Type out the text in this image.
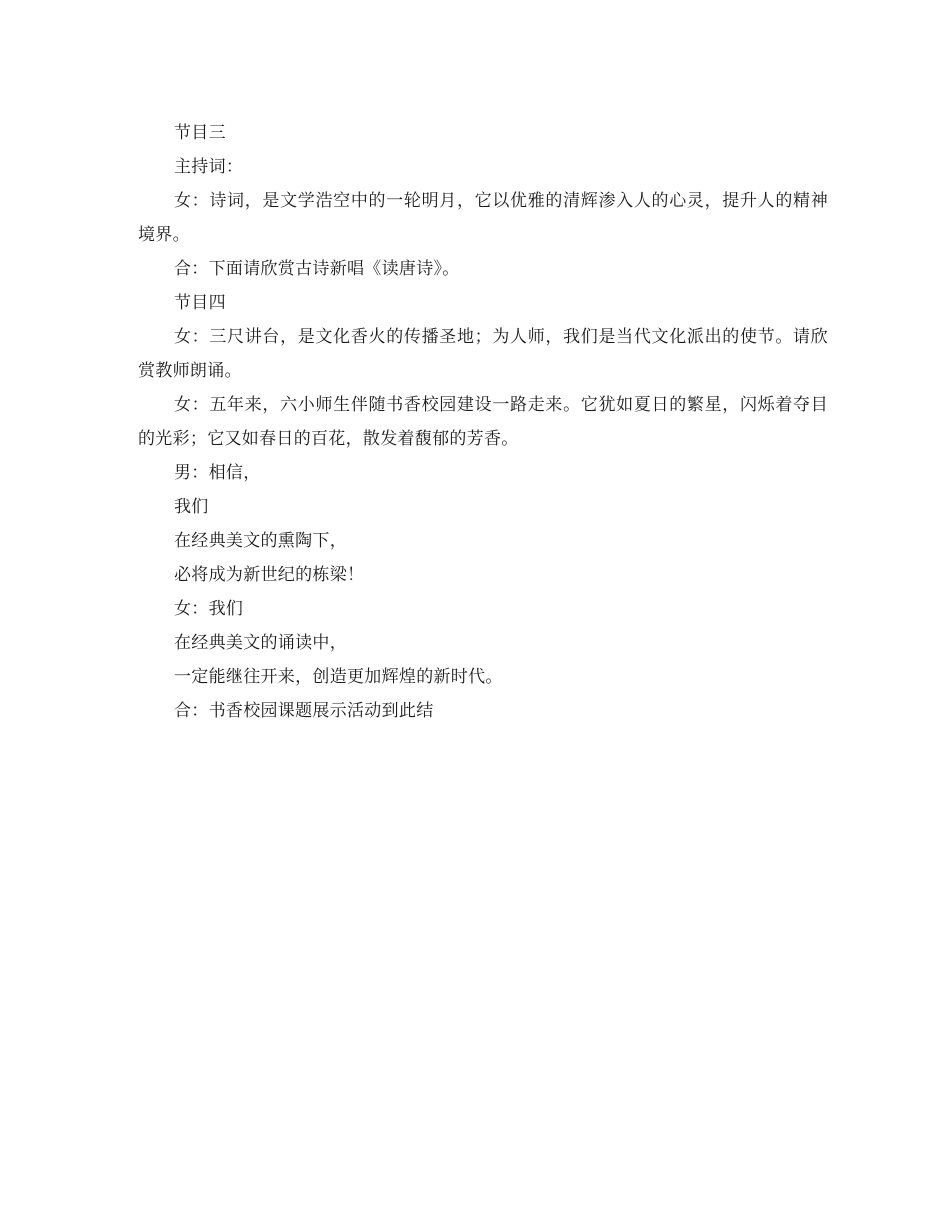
节目三

主持词：

女：诗词，是文学浩空中的一轮明月，它以优雅的清辉渗入人的心灵，提升人的精神境界。

合：下面请欣赏古诗新唱《读唐诗》。

节目四

女：三尺讲台，是文化香火的传播圣地；为人师，我们是当代文化派出的使节。请欣赏教师朗诵。

女：五年来，六小师生伴随书香校园建设一路走来。它犹如夏日的繁星，闪烁着夺目的光彩；它又如春日的百花，散发着馥郁的芳香。

男：相信，

我们

在经典美文的熏陶下，

必将成为新世纪的栋梁！

女：我们

在经典美文的诵读中，

一定能继往开来，创造更加辉煌的新时代。

合：书香校园课题展示活动到此结
